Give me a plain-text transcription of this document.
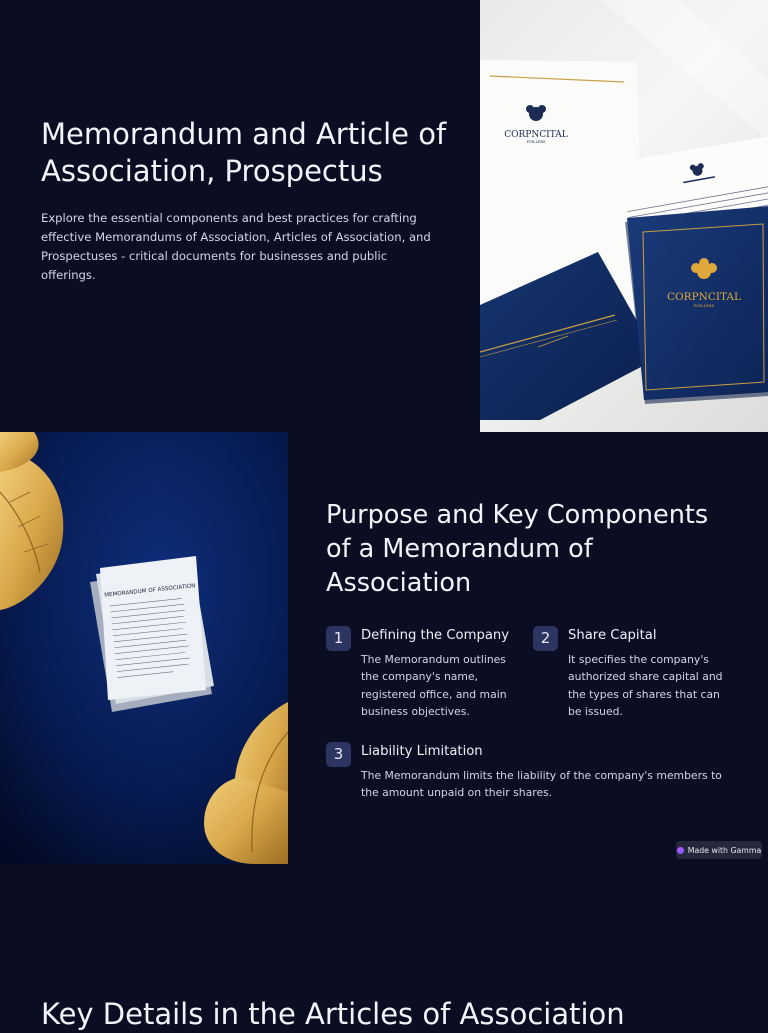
Memorandum and Article of Association, Prospectus

Explore the essential components and best practices for crafting effective Memorandums of Association, Articles of Association, and Prospectuses - critical documents for businesses and public offerings.

CORPNCITAL
POILLERS
CORPNCITAL
POILLERS
MEMORANDUM OF ASSOCIATION
Purpose and Key Components of a Memorandum of Association
1	Defining the Company

The Memorandum outlines the company's name, registered office, and main business objectives.

2	Share Capital

It specifies the company's authorized share capital and the types of shares that can be issued.

3	Liability Limitation

The Memorandum limits the liability of the company's members to the amount unpaid on their shares.

Made with Gamma
Key Details in the Articles of Association
